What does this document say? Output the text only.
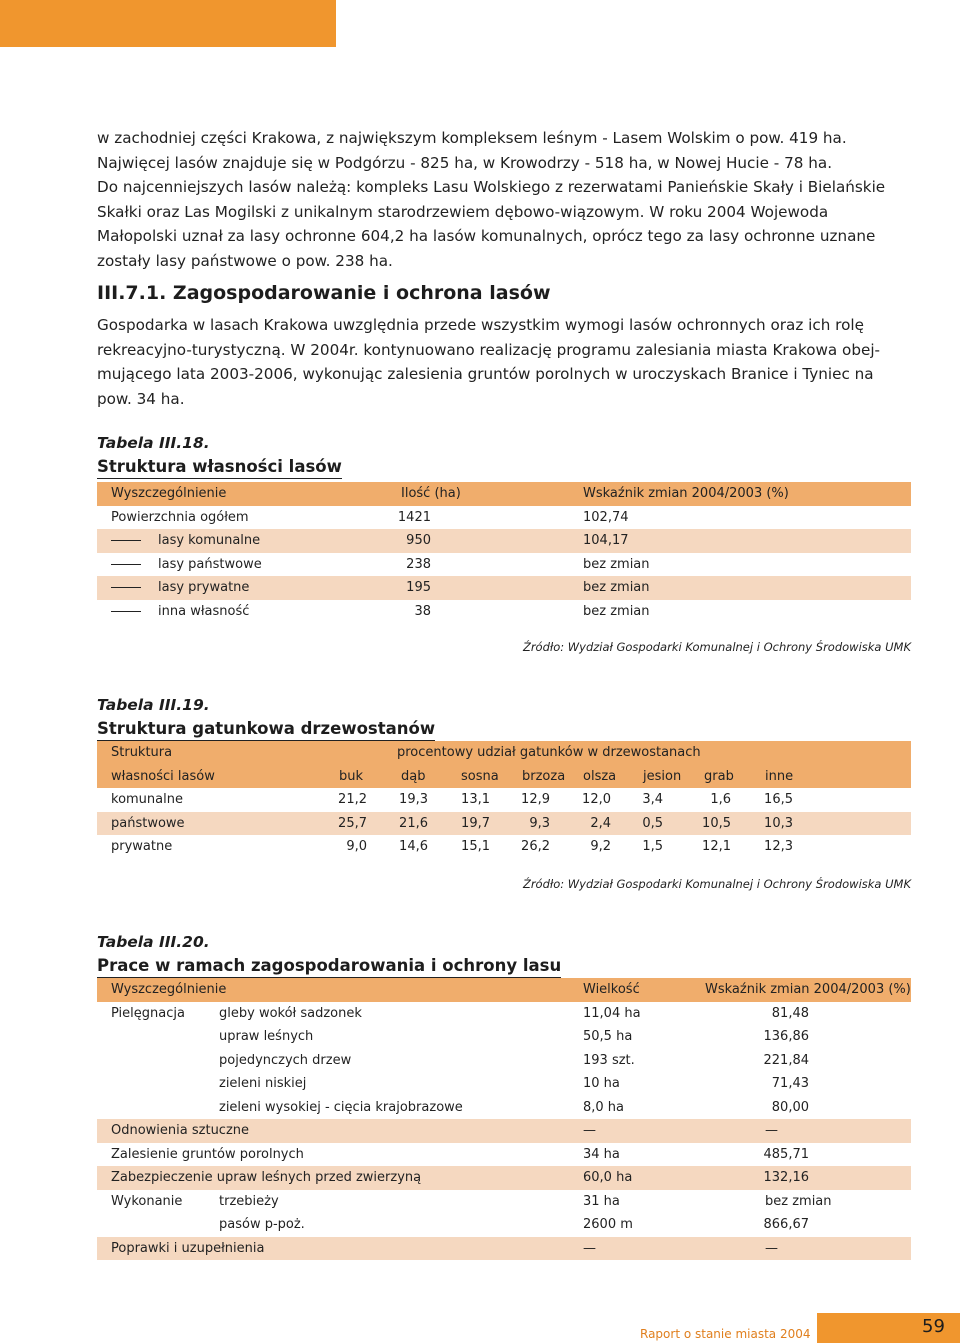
w zachodniej części Krakowa, z największym kompleksem leśnym - Lasem Wolskim o pow. 419 ha.
Najwięcej lasów znajduje się w Podgórzu - 825 ha, w Krowodrzy - 518 ha, w Nowej Hucie - 78 ha.
Do najcenniejszych lasów należą: kompleks Lasu Wolskiego z rezerwatami Panieńskie Skały i Bielańskie
Skałki oraz Las Mogilski z unikalnym starodrzewiem dębowo-wiązowym. W roku 2004 Wojewoda
Małopolski uznał za lasy ochronne 604,2 ha lasów komunalnych, oprócz tego za lasy ochronne uznane
zostały lasy państwowe o pow. 238 ha.
III.7.1. Zagospodarowanie i ochrona lasów
Gospodarka w lasach Krakowa uwzględnia przede wszystkim wymogi lasów ochronnych oraz ich rolę
rekreacyjno-turystyczną. W 2004r. kontynuowano realizację programu zalesiania miasta Krakowa obej-
mującego lata 2003-2006, wykonując zalesienia gruntów porolnych w uroczyskach Branice i Tyniec na
pow. 34 ha.
Tabela III.18.
Struktura własności lasów
Wyszczególnienie	Ilość (ha)	Wskaźnik zmian 2004/2003 (%)
Powierzchnia ogółem	1421	102,74
lasy komunalne	950	104,17
lasy państwowe	238	bez zmian
lasy prywatne	195	bez zmian
inna własność	38	bez zmian
Źródło: Wydział Gospodarki Komunalnej i Ochrony Środowiska UMK
Tabela III.19.
Struktura gatunkowa drzewostanów
Struktura	procentowy udział gatunków w drzewostanach
własności lasów	buk	dąb	sosna brzoza olsza jesion grab inne
komunalne	21,2	19,3	13,1	12,9	12,0	3,4	1,6	16,5
państwowe	25,7	21,6	19,7	9,3	2,4	0,5	10,5	10,3
prywatne	9,0	14,6	15,1	26,2	9,2	1,5	12,1	12,3
Źródło: Wydział Gospodarki Komunalnej i Ochrony Środowiska UMK
Tabela III.20.
Prace w ramach zagospodarowania i ochrony lasu
Wyszczególnienie	Wielkość	Wskaźnik zmian 2004/2003 (%)
Pielęgnacja	gleby wokół sadzonek	11,04 ha	81,48
upraw leśnych	50,5 ha	136,86
pojedynczych drzew	193 szt.	221,84
zieleni niskiej	10 ha	71,43
zieleni wysokiej - cięcia krajobrazowe	8,0 ha	80,00
Odnowienia sztuczne	—	—
Zalesienie gruntów porolnych	34 ha	485,71
Zabezpieczenie upraw leśnych przed zwierzyną	60,0 ha	132,16
Wykonanie	trzebieży	31 ha	bez zmian
pasów p-poż.	2600 m	866,67
Poprawki i uzupełnienia	—	—
Raport o stanie miasta 2004	59
